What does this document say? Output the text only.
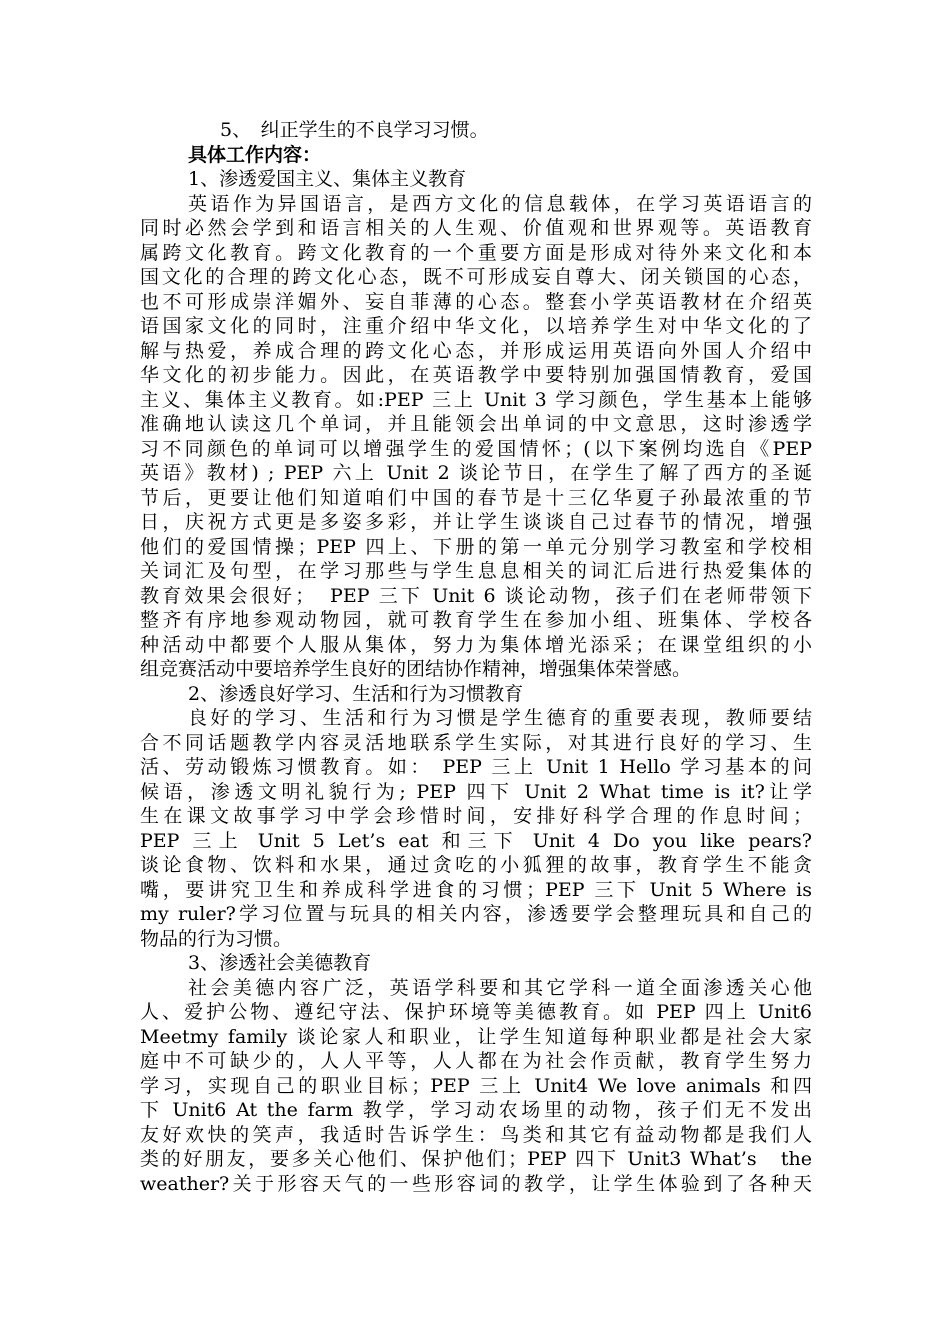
5、　纠正学生的不良学习习惯。
具体工作内容：
1、渗透爱国主义、集体主义教育
英语作为异国语言，是西方文化的信息载体，在学习英语语言的
同时必然会学到和语言相关的人生观、价值观和世界观等。英语教育
属跨文化教育。跨文化教育的一个重要方面是形成对待外来文化和本
国文化的合理的跨文化心态，既不可形成妄自尊大、闭关锁国的心态，
也不可形成崇洋媚外、妄自菲薄的心态。整套小学英语教材在介绍英
语国家文化的同时，注重介绍中华文化，以培养学生对中华文化的了
解与热爱，养成合理的跨文化心态，并形成运用英语向外国人介绍中
华文化的初步能力。因此，在英语教学中要特别加强国情教育，爱国
主义、集体主义教育。如:PEP 三上 Unit 3 学习颜色，学生基本上能够
准确地认读这几个单词，并且能领会出单词的中文意思，这时渗透学
习不同颜色的单词可以增强学生的爱国情怀；(以下案例均选自《PEP
英语》教材) ; PEP 六上 Unit 2 谈论节日，在学生了解了西方的圣诞
节后，更要让他们知道咱们中国的春节是十三亿华夏子孙最浓重的节
日，庆祝方式更是多姿多彩，并让学生谈谈自己过春节的情况，增强
他们的爱国情操；PEP 四上、下册的第一单元分别学习教室和学校相
关词汇及句型，在学习那些与学生息息相关的词汇后进行热爱集体的
教育效果会很好；　PEP 三下 Unit 6 谈论动物，孩子们在老师带领下
整齐有序地参观动物园，就可教育学生在参加小组、班集体、学校各
种活动中都要个人服从集体，努力为集体增光添采；在课堂组织的小
组竞赛活动中要培养学生良好的团结协作精神，增强集体荣誉感。
2、渗透良好学习、生活和行为习惯教育
良好的学习、生活和行为习惯是学生德育的重要表现，教师要结
合不同话题教学内容灵活地联系学生实际，对其进行良好的学习、生
活、劳动锻炼习惯教育。如： PEP 三上 Unit 1 Hello 学习基本的问
候语，渗透文明礼貌行为; PEP 四下 Unit 2 What time is it?让学
生在课文故事学习中学会珍惜时间，安排好科学合理的作息时间；
PEP 三上 Unit 5 Let’s eat 和三下 Unit 4 Do you like pears?
谈论食物、饮料和水果，通过贪吃的小狐狸的故事，教育学生不能贪
嘴，要讲究卫生和养成科学进食的习惯；PEP 三下 Unit 5 Where is
my ruler?学习位置与玩具的相关内容，渗透要学会整理玩具和自己的
物品的行为习惯。
3、渗透社会美德教育
社会美德内容广泛，英语学科要和其它学科一道全面渗透关心他
人、爱护公物、遵纪守法、保护环境等美德教育。如 PEP 四上 Unit6
Meetmy family 谈论家人和职业，让学生知道每种职业都是社会大家
庭中不可缺少的，人人平等，人人都在为社会作贡献，教育学生努力
学习，实现自己的职业目标；PEP 三上 Unit4 We love animals 和四
下 Unit6 At the farm 教学，学习动农场里的动物，孩子们无不发出
友好欢快的笑声，我适时告诉学生：鸟类和其它有益动物都是我们人
类的好朋友，要多关心他们、保护他们；PEP 四下 Unit3 What’s　the
weather?关于形容天气的一些形容词的教学，让学生体验到了各种天
